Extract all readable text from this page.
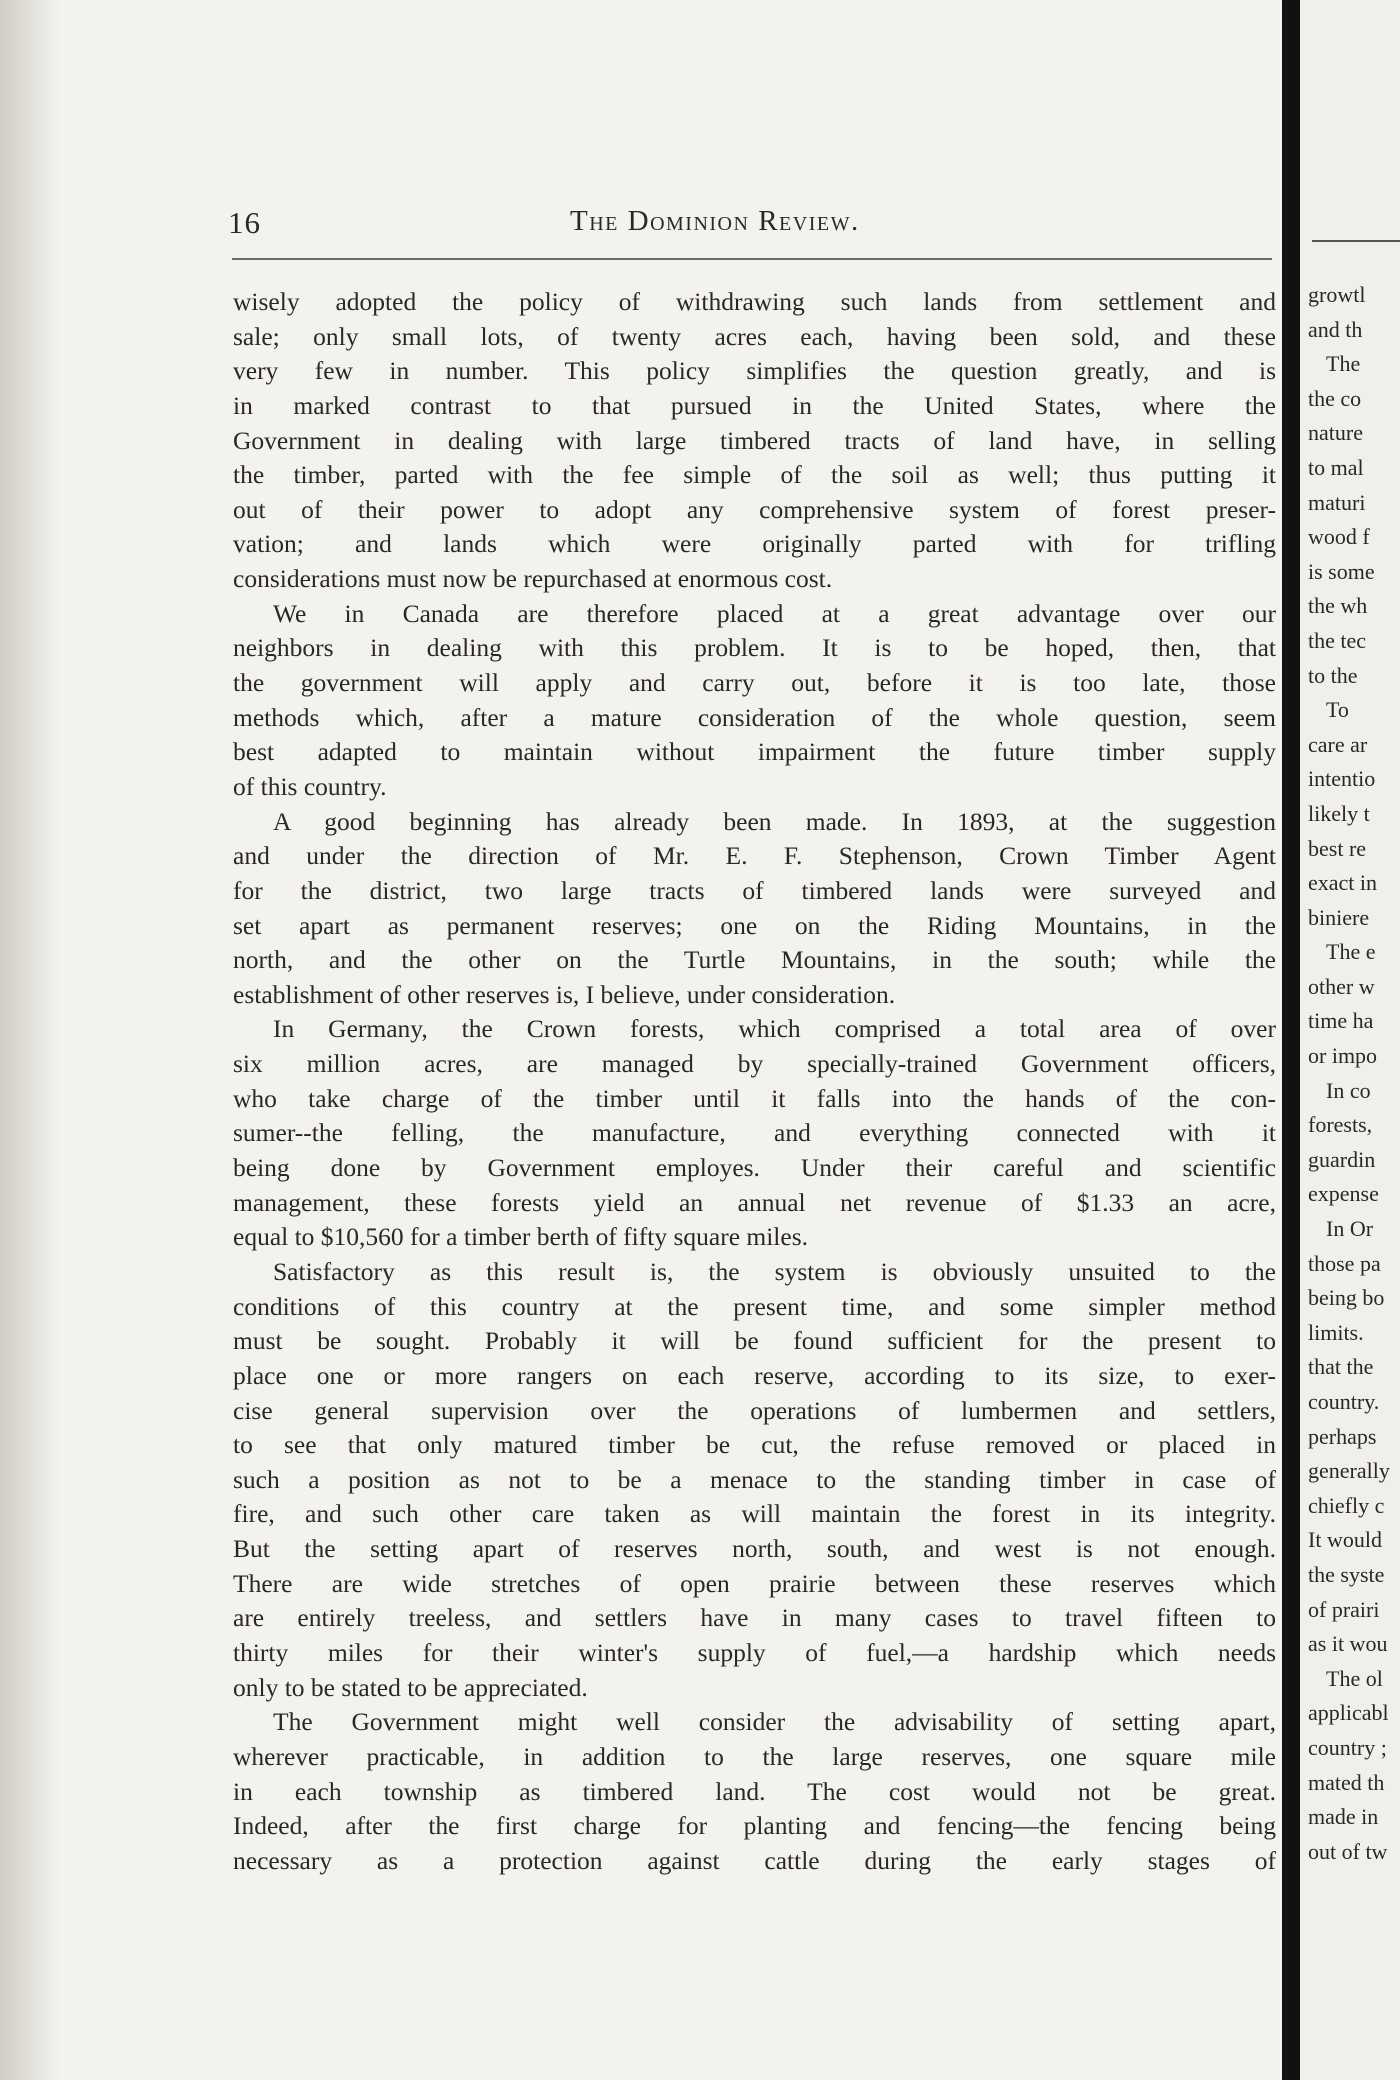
16	The Dominion Review.
wisely adopted the policy of withdrawing such lands from settlement and
sale; only small lots, of twenty acres each, having been sold, and these
very few in number. This policy simplifies the question greatly, and is
in marked contrast to that pursued in the United States, where the
Government in dealing with large timbered tracts of land have, in selling
the timber, parted with the fee simple of the soil as well; thus putting it
out of their power to adopt any comprehensive system of forest preser-
vation; and lands which were originally parted with for trifling
considerations must now be repurchased at enormous cost.
We in Canada are therefore placed at a great advantage over our
neighbors in dealing with this problem. It is to be hoped, then, that
the government will apply and carry out, before it is too late, those
methods which, after a mature consideration of the whole question, seem
best adapted to maintain without impairment the future timber supply
of this country.
A good beginning has already been made. In 1893, at the suggestion
and under the direction of Mr. E. F. Stephenson, Crown Timber Agent
for the district, two large tracts of timbered lands were surveyed and
set apart as permanent reserves; one on the Riding Mountains, in the
north, and the other on the Turtle Mountains, in the south; while the
establishment of other reserves is, I believe, under consideration.
In Germany, the Crown forests, which comprised a total area of over
six million acres, are managed by specially-trained Government officers,
who take charge of the timber until it falls into the hands of the con-
sumer--the felling, the manufacture, and everything connected with it
being done by Government employes. Under their careful and scientific
management, these forests yield an annual net revenue of $1.33 an acre,
equal to $10,560 for a timber berth of fifty square miles.
Satisfactory as this result is, the system is obviously unsuited to the
conditions of this country at the present time, and some simpler method
must be sought. Probably it will be found sufficient for the present to
place one or more rangers on each reserve, according to its size, to exer-
cise general supervision over the operations of lumbermen and settlers,
to see that only matured timber be cut, the refuse removed or placed in
such a position as not to be a menace to the standing timber in case of
fire, and such other care taken as will maintain the forest in its integrity.
But the setting apart of reserves north, south, and west is not enough.
There are wide stretches of open prairie between these reserves which
are entirely treeless, and settlers have in many cases to travel fifteen to
thirty miles for their winter's supply of fuel,—a hardship which needs
only to be stated to be appreciated.
The Government might well consider the advisability of setting apart,
wherever practicable, in addition to the large reserves, one square mile
in each township as timbered land. The cost would not be great.
Indeed, after the first charge for planting and fencing—the fencing being
necessary as a protection against cattle during the early stages of
growtl
and th
The
the co
nature
to mal
maturi
wood f
is some
the wh
the tec
to the
To
care ar
intentio
likely t
best re
exact in
biniere
The e
other w
time ha
or impo
In co
forests,
guardin
expense
In Or
those pa
being bo
limits.
that the
country.
perhaps
generally
chiefly c
It would
the syste
of prairi
as it wou
The ol
applicabl
country ;
mated th
made in
out of tw
